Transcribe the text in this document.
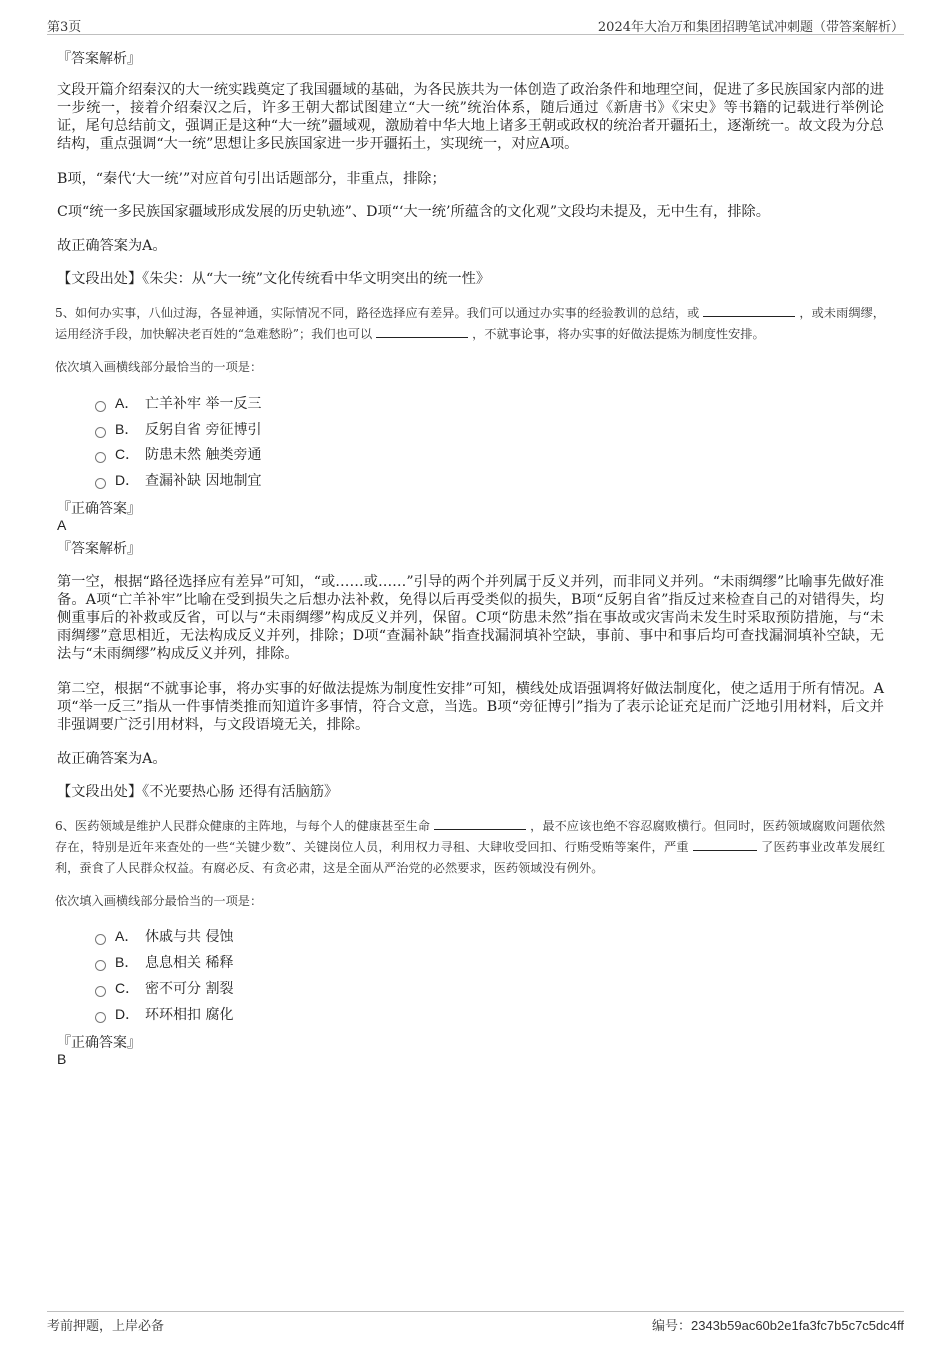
第3页	2024年大冶万和集团招聘笔试冲刺题（带答案解析）
『答案解析』
文段开篇介绍秦汉的大一统实践奠定了我国疆域的基础，为各民族共为一体创造了政治条件和地理空间，促进了多民族国家内部的进一步统一，接着介绍秦汉之后，许多王朝大都试图建立“大一统”统治体系，随后通过《新唐书》《宋史》等书籍的记载进行举例论证，尾句总结前文，强调正是这种“大一统”疆域观，激励着中华大地上诸多王朝或政权的统治者开疆拓土，逐渐统一。故文段为分总结构，重点强调“大一统”思想让多民族国家进一步开疆拓土，实现统一，对应A项。
B项，“秦代‘大一统’”对应首句引出话题部分，非重点，排除；
C项“统一多民族国家疆域形成发展的历史轨迹”、D项“‘大一统’所蕴含的文化观”文段均未提及，无中生有，排除。
故正确答案为A。
【文段出处】《朱尖：从“大一统”文化传统看中华文明突出的统一性》
5、如何办实事，八仙过海，各显神通，实际情况不同，路径选择应有差异。我们可以通过办实事的经验教训的总结，或	，或未雨绸缪，运用经济手段，加快解决老百姓的“急难愁盼”；我们也可以	，不就事论事，将办实事的好做法提炼为制度性安排。
依次填入画横线部分最恰当的一项是：
A． 亡羊补牢 举一反三
B． 反躬自省 旁征博引
C． 防患未然 触类旁通
D． 查漏补缺 因地制宜
『正确答案』
A
『答案解析』
第一空，根据“路径选择应有差异”可知，“或……或……”引导的两个并列属于反义并列，而非同义并列。“未雨绸缪”比喻事先做好准备。A项“亡羊补牢”比喻在受到损失之后想办法补救，免得以后再受类似的损失，B项“反躬自省”指反过来检查自己的对错得失，均侧重事后的补救或反省，可以与“未雨绸缪”构成反义并列，保留。C项“防患未然”指在事故或灾害尚未发生时采取预防措施，与“未雨绸缪”意思相近，无法构成反义并列，排除；D项“查漏补缺”指查找漏洞填补空缺，事前、事中和事后均可查找漏洞填补空缺，无法与“未雨绸缪”构成反义并列，排除。
第二空，根据“不就事论事，将办实事的好做法提炼为制度性安排”可知，横线处成语强调将好做法制度化，使之适用于所有情况。A项“举一反三”指从一件事情类推而知道许多事情，符合文意，当选。B项“旁征博引”指为了表示论证充足而广泛地引用材料，后文并非强调要广泛引用材料，与文段语境无关，排除。
故正确答案为A。
【文段出处】《不光要热心肠 还得有活脑筋》
6、医药领域是维护人民群众健康的主阵地，与每个人的健康甚至生命	，最不应该也绝不容忍腐败横行。但同时，医药领域腐败问题依然存在，特别是近年来查处的一些“关键少数”、关键岗位人员，利用权力寻租、大肆收受回扣、行贿受贿等案件，严重	了医药事业改革发展红利，蚕食了人民群众权益。有腐必反、有贪必肃，这是全面从严治党的必然要求，医药领域没有例外。
依次填入画横线部分最恰当的一项是：
A． 休戚与共 侵蚀
B． 息息相关 稀释
C． 密不可分 割裂
D． 环环相扣 腐化
『正确答案』
B
考前押题，上岸必备	编号：2343b59ac60b2e1fa3fc7b5c7c5dc4ff
